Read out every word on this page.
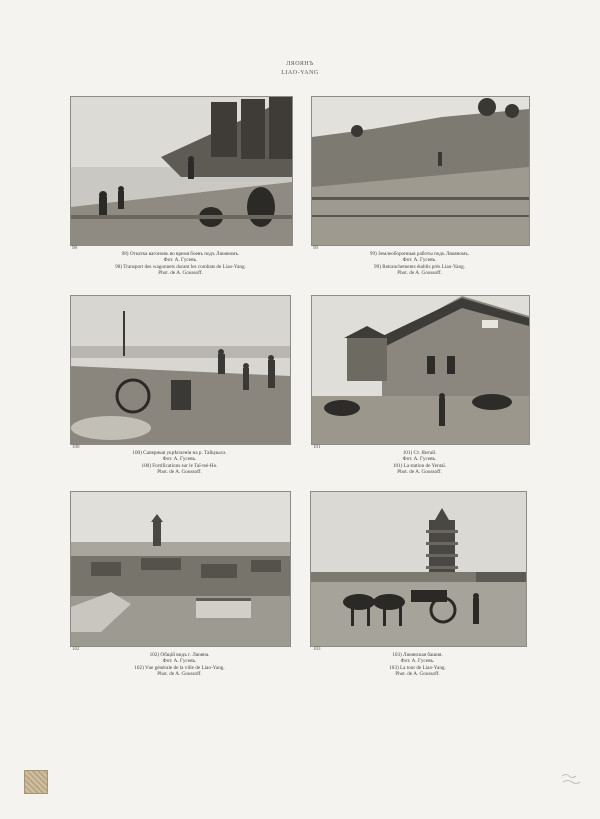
ЛЯОЯНЪ
LIAO-YANG
98
98) Откатка вагоновъ во время боевъ подъ Ляояномъ.
Фот. А. Гусевъ.
98) Transport des wagonnets durant les combats de Liao-Yang.
Phot. de A. Goussoff.
99
99) Землеоборонныя работы подъ Ляояномъ.
Фот. А. Гусевъ.
99) Retranchements établis près Liao-Yang.
Phot. de A. Goussoff.
100
100) Саперныя укрѣпленія на р. Тайцзыхэ.
Фот. А. Гусевъ.
100) Fortifications sur le Taï-tsé-Ho.
Phot. de A. Goussoff.
101
101) Ст. Янтай.
Фот. А. Гусевъ.
101) La station de Yentaï.
Phot. de A. Goussoff.
102
102) Общій видъ г. Ляояна.
Фот. А. Гусевъ.
102) Vue générale de la ville de Liao-Yang.
Phot. de A. Goussoff.
103
103) Ляоянская башня.
Фот. А. Гусевъ.
103) La tour de Liao-Yang.
Phot. de A. Goussoff.
